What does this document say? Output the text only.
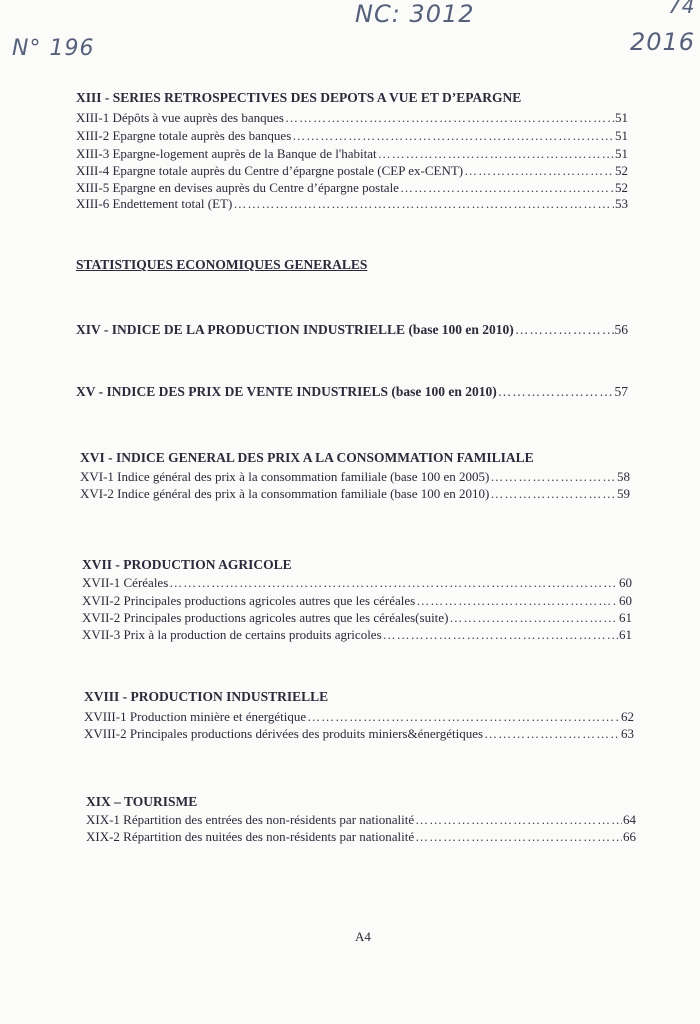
NC: 3012
N° 196
74
2016
XIII - SERIES RETROSPECTIVES DES DEPOTS A VUE ET D’EPARGNE
XIII-1 Dépôts à vue auprès des banques ………………………………………………………………………………………………………………………………………………………………	51
XIII-2 Epargne totale auprès des banques ………………………………………………………………………………………………………………………………………………………………	51
XIII-3 Epargne-logement auprès de la Banque de l'habitat ………………………………………………………………………………………………………………………………………………………………	51
XIII-4 Epargne totale auprès du Centre d’épargne postale (CEP ex-CENT) ………………………………………………………………………………………………………………………………………………………………	52
XIII-5 Epargne en devises auprès du Centre d’épargne postale ………………………………………………………………………………………………………………………………………………………………	52
XIII-6 Endettement total (ET) ………………………………………………………………………………………………………………………………………………………………	53
STATISTIQUES ECONOMIQUES GENERALES
XIV - INDICE DE LA PRODUCTION INDUSTRIELLE (base 100 en 2010) ………………………………………………………………………………………………………………………………………………………………	56
XV - INDICE DES PRIX DE VENTE INDUSTRIELS (base 100 en 2010) ………………………………………………………………………………………………………………………………………………………………	57
XVI - INDICE GENERAL DES PRIX A LA CONSOMMATION FAMILIALE
XVI-1 Indice général des prix à la consommation familiale (base 100 en 2005) ………………………………………………………………………………………………………………………………………………………………	58
XVI-2 Indice général des prix à la consommation familiale (base 100 en 2010) ………………………………………………………………………………………………………………………………………………………………	59
XVII - PRODUCTION AGRICOLE
XVII-1 Céréales ………………………………………………………………………………………………………………………………………………………………	60
XVII-2 Principales productions agricoles autres que les céréales ………………………………………………………………………………………………………………………………………………………………	60
XVII-2 Principales productions agricoles autres que les céréales(suite) ………………………………………………………………………………………………………………………………………………………………	61
XVII-3 Prix à la production de certains produits agricoles ………………………………………………………………………………………………………………………………………………………………	61
XVIII - PRODUCTION INDUSTRIELLE
XVIII-1 Production minière et énergétique ………………………………………………………………………………………………………………………………………………………………	62
XVIII-2 Principales productions dérivées des produits miniers&énergétiques ………………………………………………………………………………………………………………………………………………………………	63
XIX – TOURISME
XIX-1 Répartition des entrées des non-résidents par nationalité ………………………………………………………………………………………………………………………………………………………………	64
XIX-2 Répartition des nuitées des non-résidents par nationalité ………………………………………………………………………………………………………………………………………………………………	66
A4
